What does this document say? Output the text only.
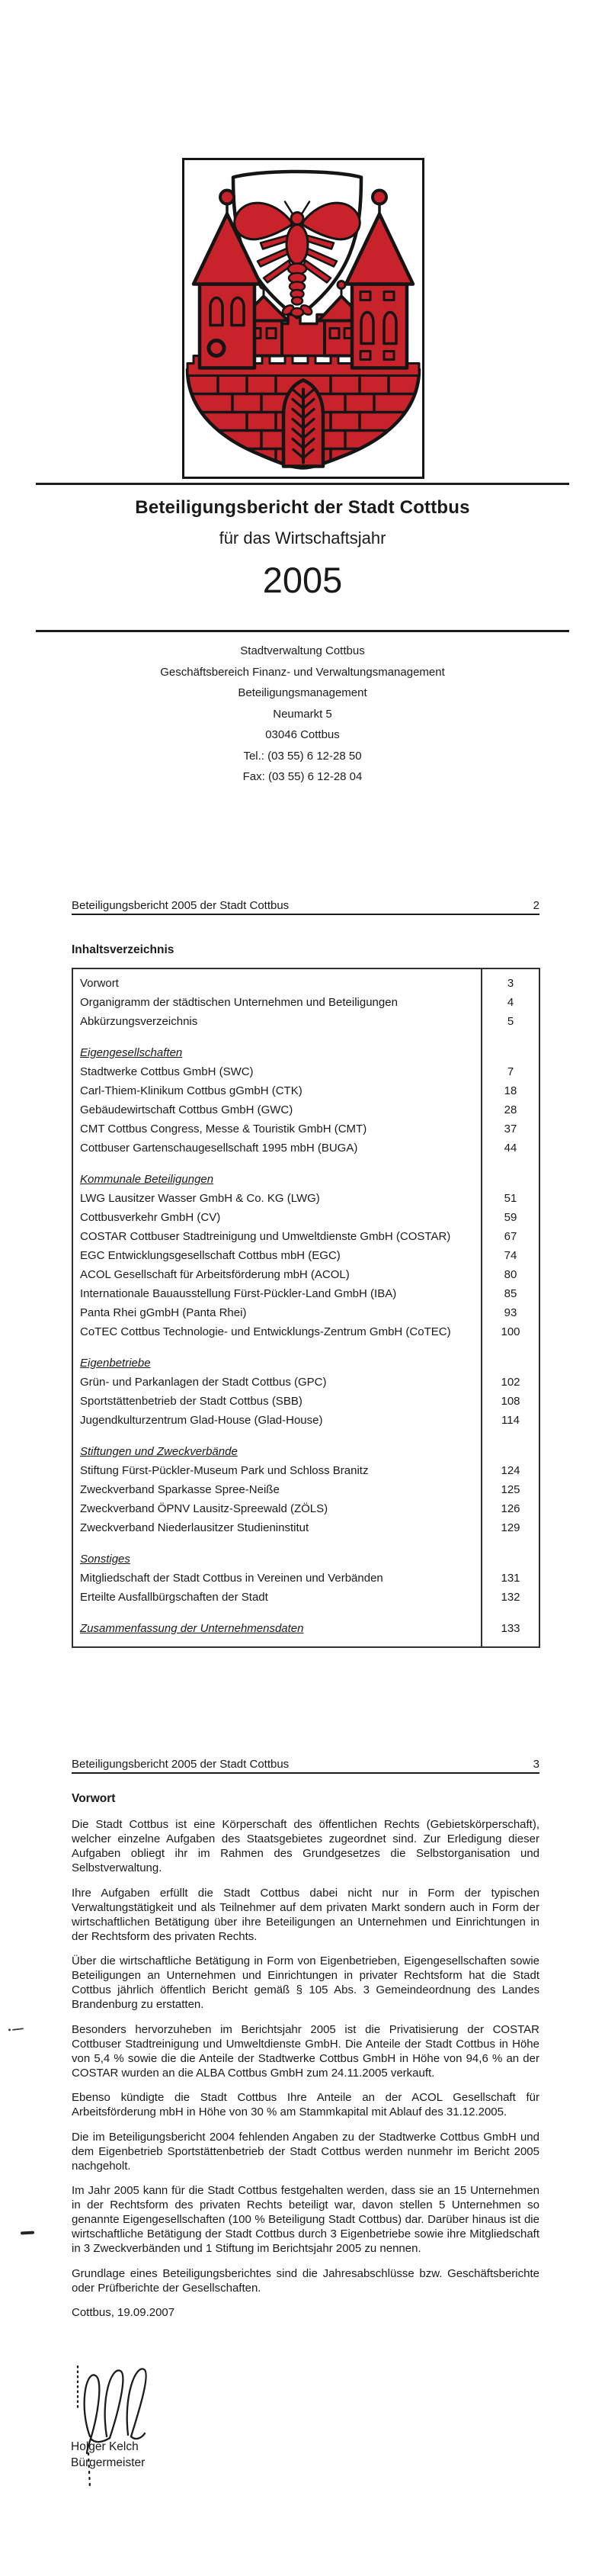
Beteiligungsbericht der Stadt Cottbus
für das Wirtschaftsjahr
2005
Stadtverwaltung Cottbus
Geschäftsbereich Finanz- und Verwaltungsmanagement
Beteiligungsmanagement
Neumarkt 5
03046 Cottbus
Tel.: (03 55) 6 12-28 50
Fax: (03 55) 6 12-28 04
Beteiligungsbericht 2005 der Stadt Cottbus	2
Inhaltsverzeichnis
Vorwort	3
Organigramm der städtischen Unternehmen und Beteiligungen	4
Abkürzungsverzeichnis	5
Eigengesellschaften
Stadtwerke Cottbus GmbH (SWC)	7
Carl-Thiem-Klinikum Cottbus gGmbH (CTK)	18
Gebäudewirtschaft Cottbus GmbH (GWC)	28
CMT Cottbus Congress, Messe & Touristik GmbH (CMT)	37
Cottbuser Gartenschaugesellschaft 1995 mbH (BUGA)	44
Kommunale Beteiligungen
LWG Lausitzer Wasser GmbH & Co. KG (LWG)	51
Cottbusverkehr GmbH (CV)	59
COSTAR Cottbuser Stadtreinigung und Umweltdienste GmbH (COSTAR)	67
EGC Entwicklungsgesellschaft Cottbus mbH (EGC)	74
ACOL Gesellschaft für Arbeitsförderung mbH (ACOL)	80
Internationale Bauausstellung Fürst-Pückler-Land GmbH (IBA)	85
Panta Rhei gGmbH (Panta Rhei)	93
CoTEC Cottbus Technologie- und Entwicklungs-Zentrum GmbH (CoTEC)	100
Eigenbetriebe
Grün- und Parkanlagen der Stadt Cottbus (GPC)	102
Sportstättenbetrieb der Stadt Cottbus (SBB)	108
Jugendkulturzentrum Glad-House (Glad-House)	114
Stiftungen und Zweckverbände
Stiftung Fürst-Pückler-Museum Park und Schloss Branitz	124
Zweckverband Sparkasse Spree-Neiße	125
Zweckverband ÖPNV Lausitz-Spreewald (ZÖLS)	126
Zweckverband Niederlausitzer Studieninstitut	129
Sonstiges
Mitgliedschaft der Stadt Cottbus in Vereinen und Verbänden	131
Erteilte Ausfallbürgschaften der Stadt	132
Zusammenfassung der Unternehmensdaten	133
Beteiligungsbericht 2005 der Stadt Cottbus	3
Vorwort

Die Stadt Cottbus ist eine Körperschaft des öffentlichen Rechts (Gebietskörperschaft), welcher einzelne Aufgaben des Staatsgebietes zugeordnet sind. Zur Erledigung dieser Aufgaben obliegt ihr im Rahmen des Grundgesetzes die Selbstorganisation und Selbstverwaltung.

Ihre Aufgaben erfüllt die Stadt Cottbus dabei nicht nur in Form der typischen Verwaltungstätigkeit und als Teilnehmer auf dem privaten Markt sondern auch in Form der wirtschaftlichen Betätigung über ihre Beteiligungen an Unternehmen und Einrichtungen in der Rechtsform des privaten Rechts.

Über die wirtschaftliche Betätigung in Form von Eigenbetrieben, Eigengesellschaften sowie Beteiligungen an Unternehmen und Einrichtungen in privater Rechtsform hat die Stadt Cottbus jährlich öffentlich Bericht gemäß § 105 Abs. 3 Gemeindeordnung des Landes Brandenburg zu erstatten.

Besonders hervorzuheben im Berichtsjahr 2005 ist die Privatisierung der COSTAR Cottbuser Stadtreinigung und Umweltdienste GmbH. Die Anteile der Stadt Cottbus in Höhe von 5,4 % sowie die die Anteile der Stadtwerke Cottbus GmbH in Höhe von 94,6 % an der COSTAR wurden an die ALBA Cottbus GmbH zum 24.11.2005 verkauft.

Ebenso kündigte die Stadt Cottbus Ihre Anteile an der ACOL Gesellschaft für Arbeitsförderung mbH in Höhe von 30 % am Stammkapital mit Ablauf des 31.12.2005.

Die im Beteiligungsbericht 2004 fehlenden Angaben zu der Stadtwerke Cottbus GmbH und dem Eigenbetrieb Sportstättenbetrieb der Stadt Cottbus werden nunmehr im Bericht 2005 nachgeholt.

Im Jahr 2005 kann für die Stadt Cottbus festgehalten werden, dass sie an 15 Unternehmen in der Rechtsform des privaten Rechts beteiligt war, davon stellen 5 Unternehmen so genannte Eigengesellschaften (100 % Beteiligung Stadt Cottbus) dar. Darüber hinaus ist die wirtschaftliche Betätigung der Stadt Cottbus durch 3 Eigenbetriebe sowie ihre Mitgliedschaft in 3 Zweckverbänden und 1 Stiftung im Berichtsjahr 2005 zu nennen.

Grundlage eines Beteiligungsberichtes sind die Jahresabschlüsse bzw. Geschäftsberichte oder Prüfberichte der Gesellschaften.

Cottbus, 19.09.2007
Holger Kelch
Bürgermeister
